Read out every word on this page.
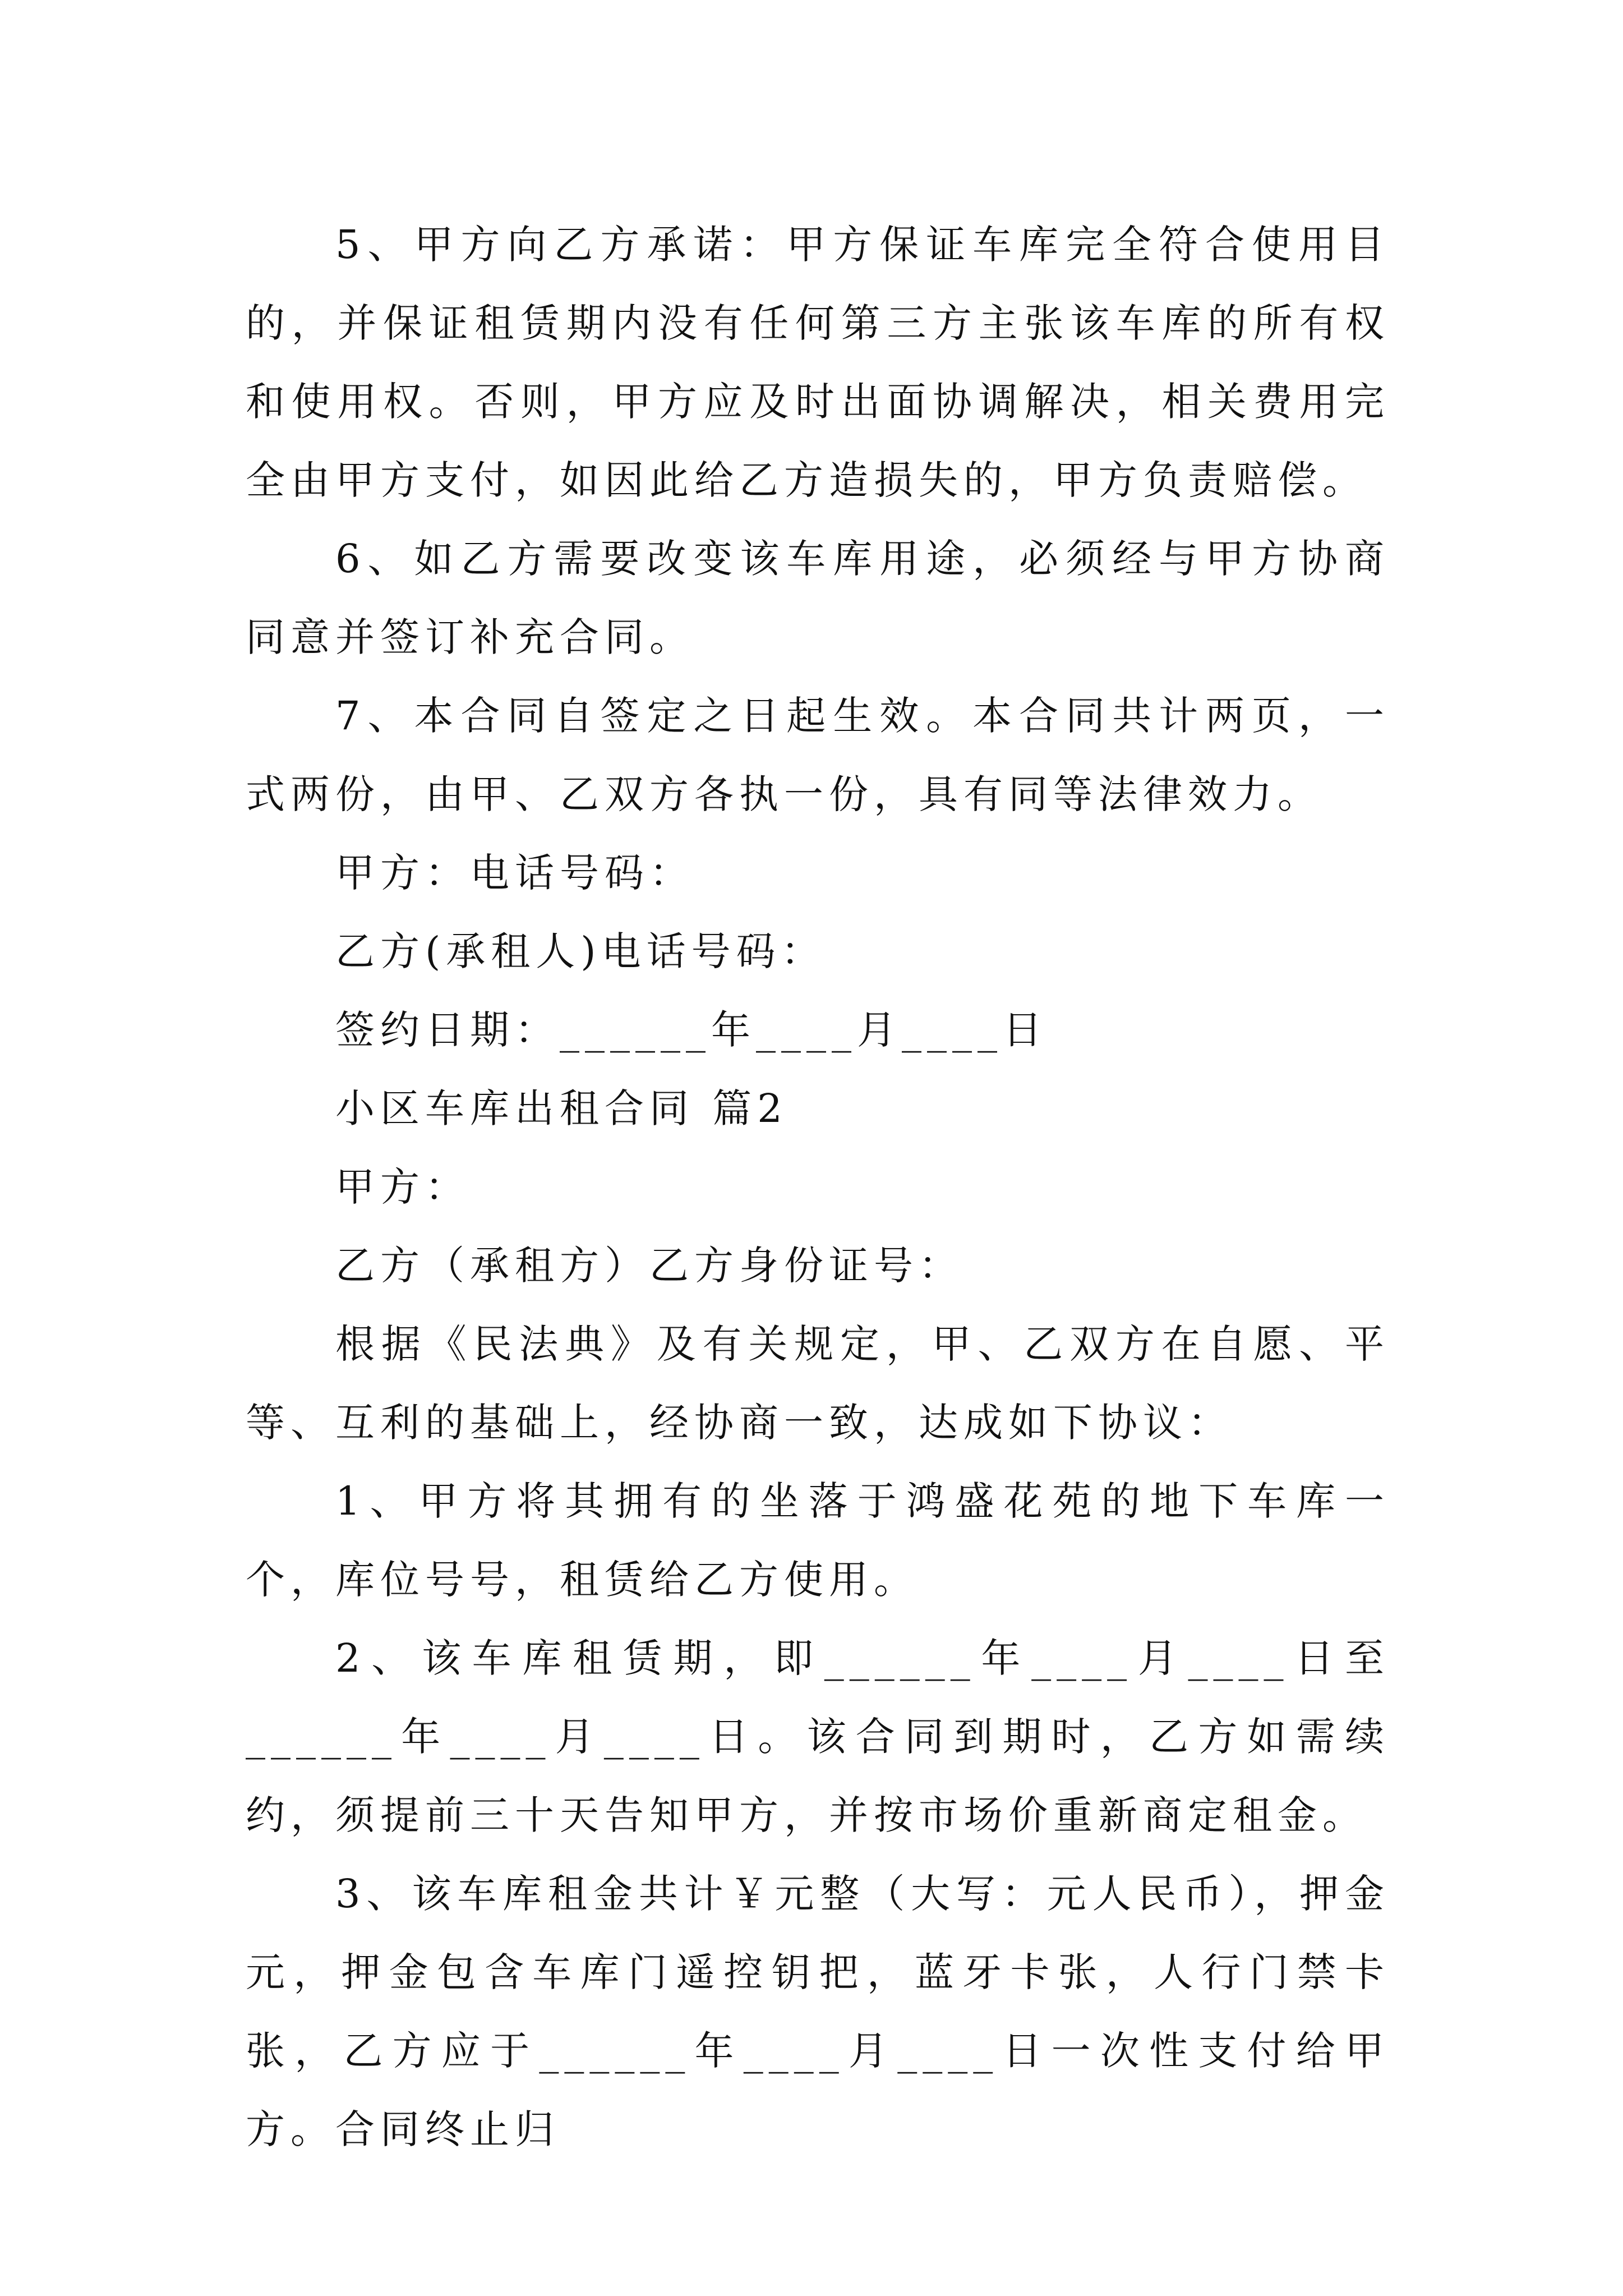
5、甲方向乙方承诺：甲方保证车库完全符合使用目的，并保证租赁期内没有任何第三方主张该车库的所有权和使用权。否则，甲方应及时出面协调解决，相关费用完全由甲方支付，如因此给乙方造损失的，甲方负责赔偿。

6、如乙方需要改变该车库用途，必须经与甲方协商同意并签订补充合同。

7、本合同自签定之日起生效。本合同共计两页，一式两份，由甲、乙双方各执一份，具有同等法律效力。

甲方：电话号码：

乙方(承租人)电话号码：

签约日期：______年____月____日

小区车库出租合同 篇2

甲方：

乙方（承租方）乙方身份证号：

根据《民法典》及有关规定，甲、乙双方在自愿、平等、互利的基础上，经协商一致，达成如下协议：

1、甲方将其拥有的坐落于鸿盛花苑的地下车库一个，库位号号，租赁给乙方使用。

2、该车库租赁期，即______年____月____日至______年____月____日。该合同到期时，乙方如需续约，须提前三十天告知甲方，并按市场价重新商定租金。

3、该车库租金共计￥元整（大写：元人民币），押金元，押金包含车库门遥控钥把，蓝牙卡张，人行门禁卡张，乙方应于______年____月____日一次性支付给甲方。合同终止归
